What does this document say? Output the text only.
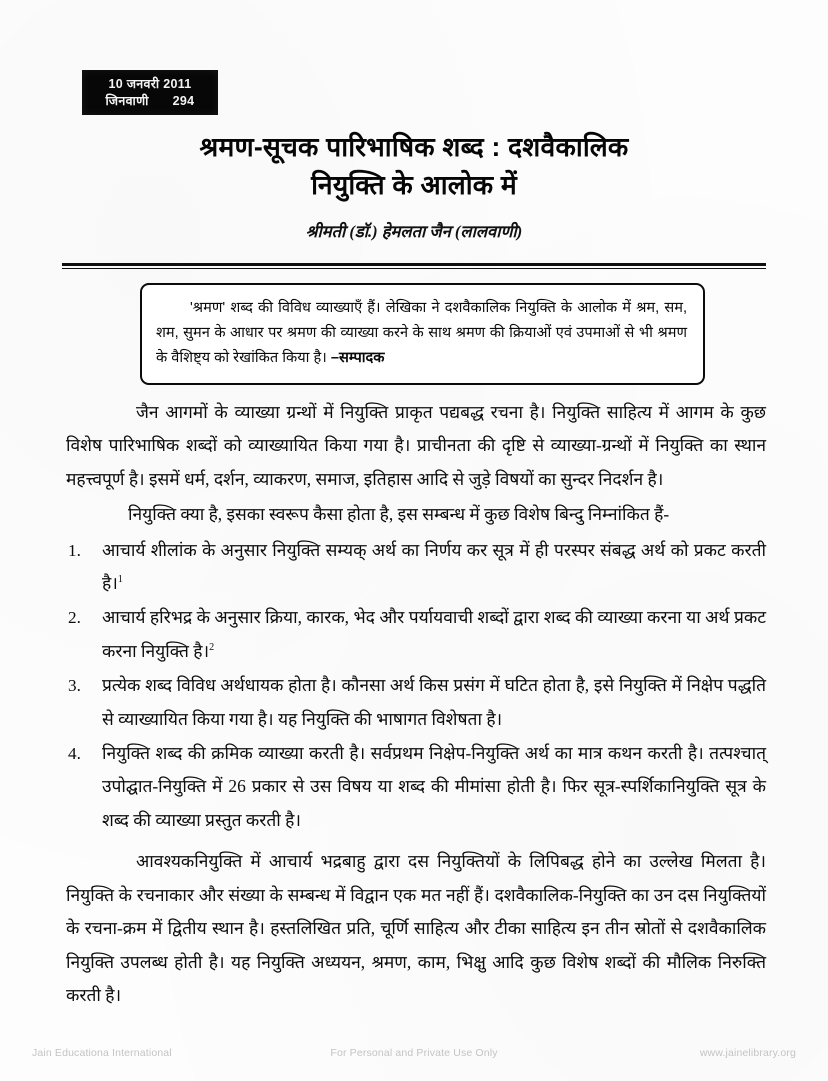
10 जनवरी 2011
जिनवाणी 294
श्रमण-सूचक पारिभाषिक शब्द : दशवैकालिक
नियुक्ति के आलोक में
श्रीमती (डॉ.) हेमलता जैन (लालवाणी)

'श्रमण' शब्द की विविध व्याख्याएँ हैं। लेखिका ने दशवैकालिक नियुक्ति के आलोक में श्रम, सम, शम, सुमन के आधार पर श्रमण की व्याख्या करने के साथ श्रमण की क्रियाओं एवं उपमाओं से भी श्रमण के वैशिष्ट्य को रेखांकित किया है। –सम्पादक

जैन आगमों के व्याख्या ग्रन्थों में नियुक्ति प्राकृत पद्यबद्ध रचना है। नियुक्ति साहित्य में आगम के कुछ विशेष पारिभाषिक शब्दों को व्याख्यायित किया गया है। प्राचीनता की दृष्टि से व्याख्या-ग्रन्थों में नियुक्ति का स्थान महत्त्वपूर्ण है। इसमें धर्म, दर्शन, व्याकरण, समाज, इतिहास आदि से जुड़े विषयों का सुन्दर निदर्शन है।

नियुक्ति क्या है, इसका स्वरूप कैसा होता है, इस सम्बन्ध में कुछ विशेष बिन्दु निम्नांकित हैं-

1.	आचार्य शीलांक के अनुसार नियुक्ति सम्यक् अर्थ का निर्णय कर सूत्र में ही परस्पर संबद्ध अर्थ को प्रकट करती है।$^1$
2.	आचार्य हरिभद्र के अनुसार क्रिया, कारक, भेद और पर्यायवाची शब्दों द्वारा शब्द की व्याख्या करना या अर्थ प्रकट करना नियुक्ति है।$^2$
3.	प्रत्येक शब्द विविध अर्थधायक होता है। कौनसा अर्थ किस प्रसंग में घटित होता है, इसे नियुक्ति में निक्षेप पद्धति से व्याख्यायित किया गया है। यह नियुक्ति की भाषागत विशेषता है।
4.	नियुक्ति शब्द की क्रमिक व्याख्या करती है। सर्वप्रथम निक्षेप-नियुक्ति अर्थ का मात्र कथन करती है। तत्पश्चात् उपोद्घात-नियुक्ति में 26 प्रकार से उस विषय या शब्द की मीमांसा होती है। फिर सूत्र-स्पर्शिकानियुक्ति सूत्र के शब्द की व्याख्या प्रस्तुत करती है।

आवश्यकनियुक्ति में आचार्य भद्रबाहु द्वारा दस नियुक्तियों के लिपिबद्ध होने का उल्लेख मिलता है। नियुक्ति के रचनाकार और संख्या के सम्बन्ध में विद्वान एक मत नहीं हैं। दशवैकालिक-नियुक्ति का उन दस नियुक्तियों के रचना-क्रम में द्वितीय स्थान है। हस्तलिखित प्रति, चूर्णि साहित्य और टीका साहित्य इन तीन स्रोतों से दशवैकालिक नियुक्ति उपलब्ध होती है। यह नियुक्ति अध्ययन, श्रमण, काम, भिक्षु आदि कुछ विशेष शब्दों की मौलिक निरुक्ति करती है।

Jain Educationa International	For Personal and Private Use Only	www.jainelibrary.org
